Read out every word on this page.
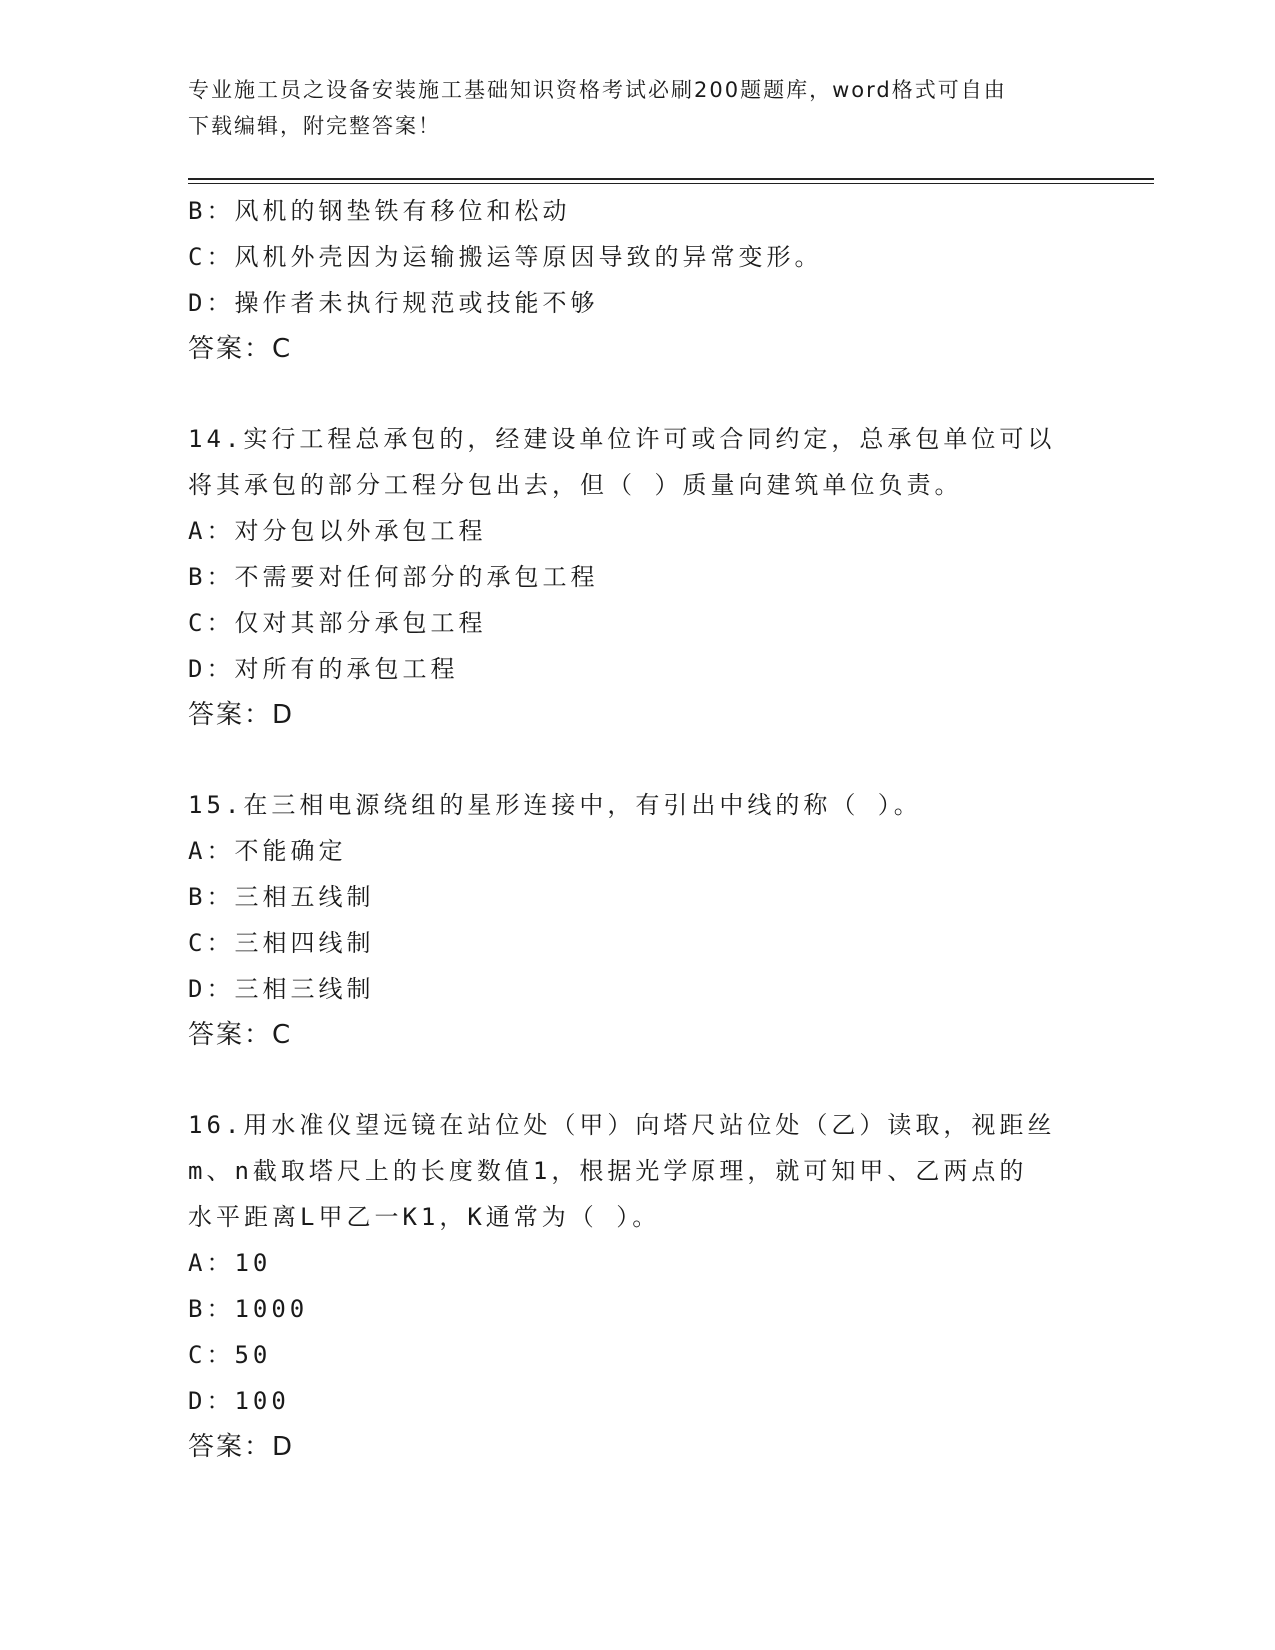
专业施工员之设备安装施工基础知识资格考试必刷200题题库，word格式可自由
下载编辑，附完整答案！
B：风机的钢垫铁有移位和松动
C：风机外壳因为运输搬运等原因导致的异常变形。
D：操作者未执行规范或技能不够
答案：C
14.实行工程总承包的，经建设单位许可或合同约定，总承包单位可以
将其承包的部分工程分包出去，但（ ）质量向建筑单位负责。
A：对分包以外承包工程
B：不需要对任何部分的承包工程
C：仅对其部分承包工程
D：对所有的承包工程
答案：D
15.在三相电源绕组的星形连接中，有引出中线的称（ ）。
A：不能确定
B：三相五线制
C：三相四线制
D：三相三线制
答案：C
16.用水准仪望远镜在站位处（甲）向塔尺站位处（乙）读取，视距丝
m、n截取塔尺上的长度数值1，根据光学原理，就可知甲、乙两点的
水平距离L甲乙一K1，K通常为（ ）。
A：10
B：1000
C：50
D：100
答案：D
